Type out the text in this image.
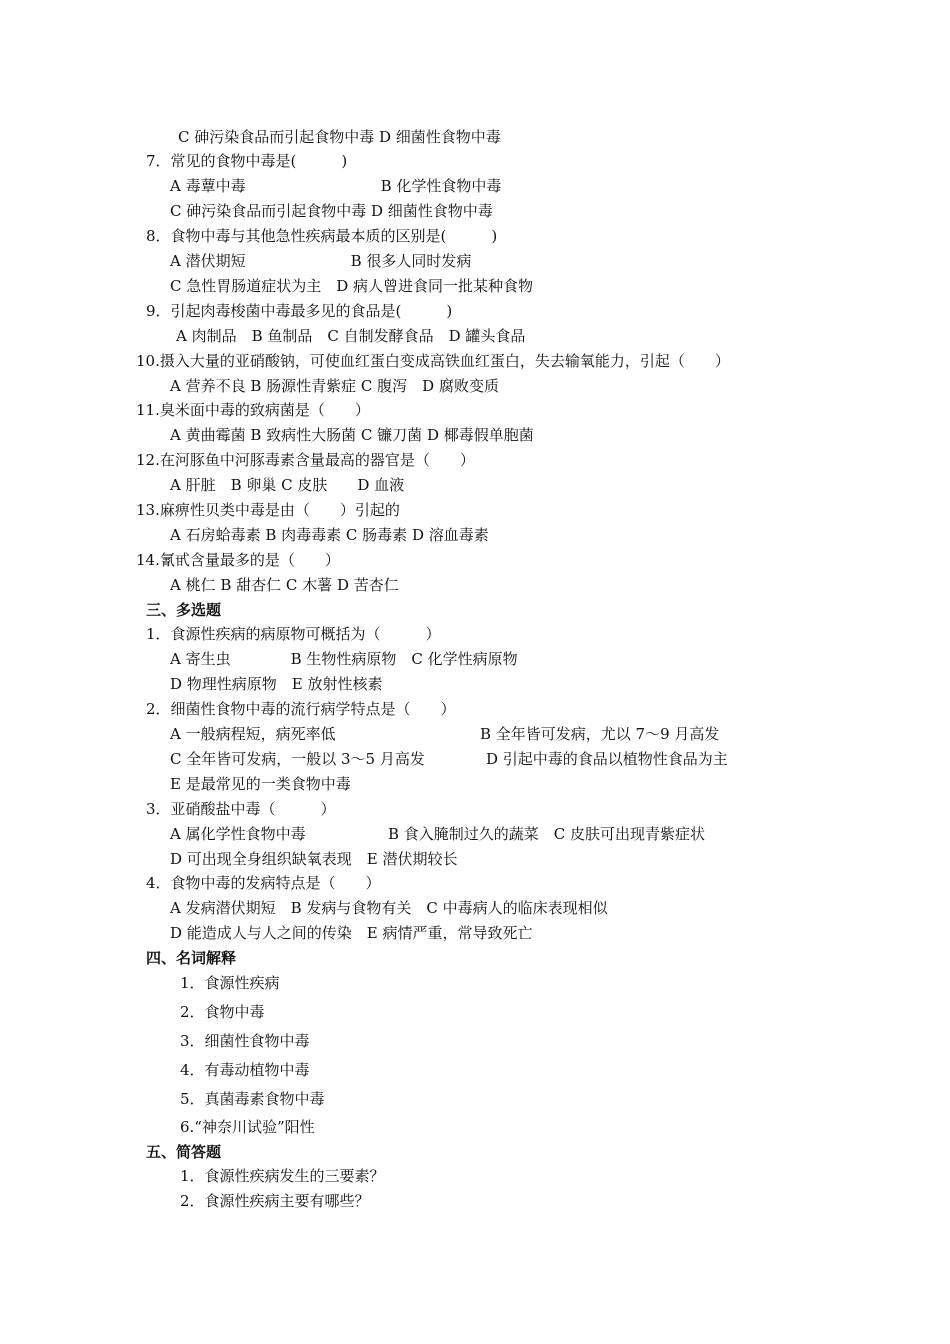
C 砷污染食品而引起食物中毒 D 细菌性食物中毒
7．常见的食物中毒是(　　　)
A 毒蕈中毒　　　　　　　　　B 化学性食物中毒
C 砷污染食品而引起食物中毒 D 细菌性食物中毒
8．食物中毒与其他急性疾病最本质的区别是(　　　)
A 潜伏期短　　　　　　　B 很多人同时发病
C 急性胃肠道症状为主　D 病人曾进食同一批某种食物
9．引起肉毒梭菌中毒最多见的食品是(　　　)
A 肉制品　B 鱼制品　C 自制发酵食品　D 罐头食品
10.摄入大量的亚硝酸钠，可使血红蛋白变成高铁血红蛋白，失去输氧能力，引起（　　）
A 营养不良 B 肠源性青紫症 C 腹泻　D 腐败变质
11.臭米面中毒的致病菌是（　　）
A 黄曲霉菌 B 致病性大肠菌 C 镰刀菌 D 椰毒假单胞菌
12.在河豚鱼中河豚毒素含量最高的器官是（　　）
A 肝脏　B 卵巢 C 皮肤　　D 血液
13.麻痹性贝类中毒是由（　　）引起的
A 石房蛤毒素 B 肉毒毒素 C 肠毒素 D 溶血毒素
14.氰甙含量最多的是（　　）
A 桃仁 B 甜杏仁 C 木薯 D 苦杏仁
三、多选题
1．食源性疾病的病原物可概括为（　　　）
A 寄生虫　　　　B 生物性病原物　C 化学性病原物
D 物理性病原物　E 放射性核素
2．细菌性食物中毒的流行病学特点是（　　）
A 一般病程短，病死率低	B 全年皆可发病，尤以 7～9 月高发
C 全年皆可发病，一般以 3～5 月高发	D 引起中毒的食品以植物性食品为主
E 是最常见的一类食物中毒
3．亚硝酸盐中毒（　　　）
A 属化学性食物中毒	B 食入腌制过久的蔬菜　C 皮肤可出现青紫症状
D 可出现全身组织缺氧表现　E 潜伏期较长
4．食物中毒的发病特点是（　　）
A 发病潜伏期短　B 发病与食物有关　C 中毒病人的临床表现相似
D 能造成人与人之间的传染　E 病情严重，常导致死亡
四、名词解释
1．食源性疾病
2．食物中毒
3．细菌性食物中毒
4．有毒动植物中毒
5．真菌毒素食物中毒
6.“神奈川试验”阳性
五、简答题
1．食源性疾病发生的三要素？
2．食源性疾病主要有哪些？
